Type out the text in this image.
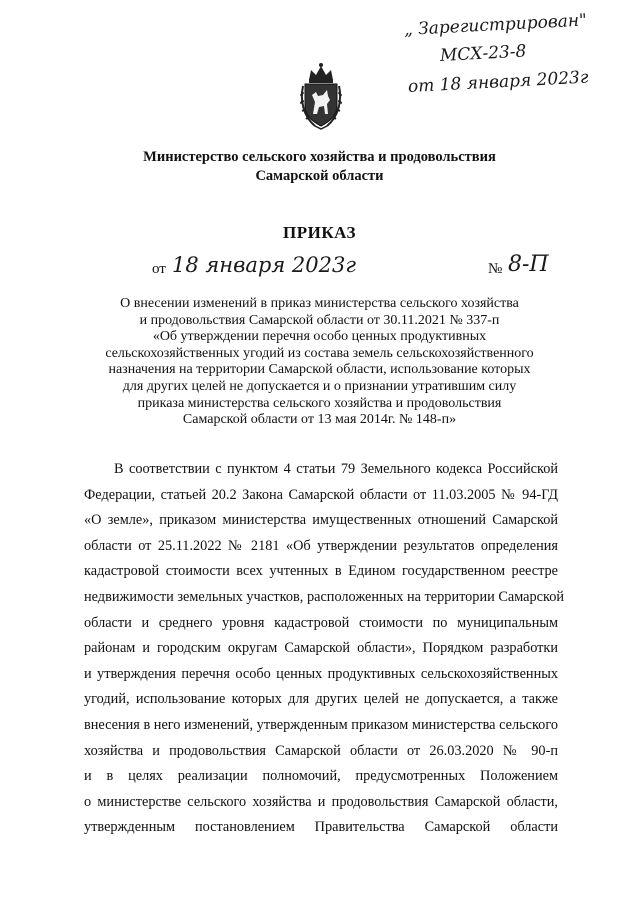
„ Зарегистрирован"
МСХ-23-8
от 18 января 2023г
Министерство сельского хозяйства и продовольствия
Самарской области
ПРИКАЗ
от 18 января 2023г	№ 8-П
О внесении изменений в приказ министерства сельского хозяйства
и продовольствия Самарской области от 30.11.2021 № 337-п
«Об утверждении перечня особо ценных продуктивных
сельскохозяйственных угодий из состава земель сельскохозяйственного
назначения на территории Самарской области, использование которых
для других целей не допускается и о признании утратившим силу
приказа министерства сельского хозяйства и продовольствия
Самарской области от 13 мая 2014г. № 148-п»
В соответствии с пунктом 4 статьи 79 Земельного кодекса Российской
Федерации, статьей 20.2 Закона Самарской области от 11.03.2005 № 94-ГД
«О земле», приказом министерства имущественных отношений Самарской
области от 25.11.2022 № 2181 «Об утверждении результатов определения
кадастровой стоимости всех учтенных в Едином государственном реестре
недвижимости земельных участков, расположенных на территории Самарской
области и среднего уровня кадастровой стоимости по муниципальным
районам и городским округам Самарской области», Порядком разработки
и утверждения перечня особо ценных продуктивных сельскохозяйственных
угодий, использование которых для других целей не допускается, а также
внесения в него изменений, утвержденным приказом министерства сельского
хозяйства и продовольствия Самарской области от 26.03.2020 № 90-п
и в целях реализации полномочий, предусмотренных Положением
о министерстве сельского хозяйства и продовольствия Самарской области,
утвержденным постановлением Правительства Самарской области
